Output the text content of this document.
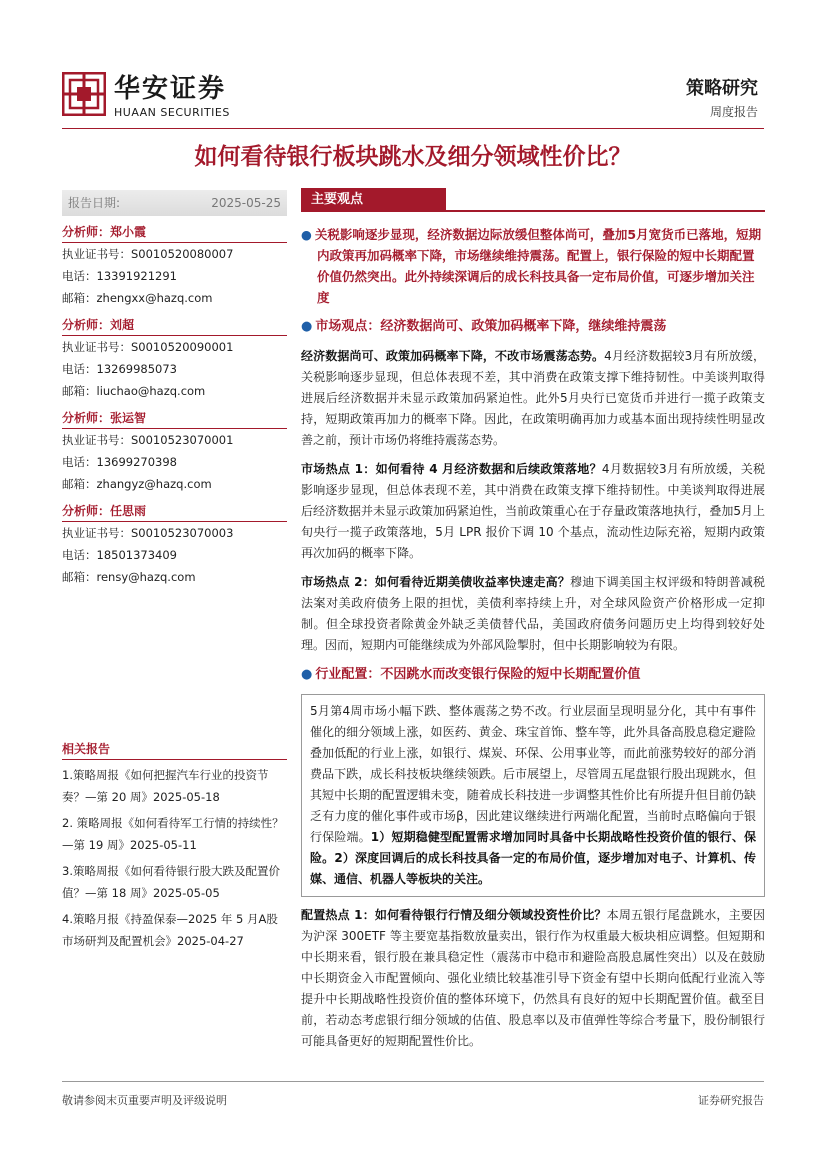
华安证券
HUAAN SECURITIES
策略研究
周度报告
如何看待银行板块跳水及细分领域性价比？
报告日期:	2025-05-25
分析师：郑小霞
执业证书号：S0010520080007
电话：13391921291
邮箱：zhengxx@hazq.com
分析师：刘超
执业证书号：S0010520090001
电话：13269985073
邮箱：liuchao@hazq.com
分析师：张运智
执业证书号：S0010523070001
电话：13699270398
邮箱：zhangyz@hazq.com
分析师：任思雨
执业证书号：S0010523070003
电话：18501373409
邮箱：rensy@hazq.com
相关报告
1.策略周报《如何把握汽车行业的投资节奏？—第 20 周》2025-05-18
2. 策略周报《如何看待军工行情的持续性？—第 19 周》2025-05-11
3.策略周报《如何看待银行股大跌及配置价值？—第 18 周》2025-05-05
4.策略月报《持盈保泰—2025 年 5 月A股市场研判及配置机会》2025-04-27
主要观点
● 关税影响逐步显现，经济数据边际放缓但整体尚可，叠加5月宽货币已落地，短期内政策再加码概率下降，市场继续维持震荡。配置上，银行保险的短中长期配置价值仍然突出。此外持续深调后的成长科技具备一定布局价值，可逐步增加关注度
● 市场观点：经济数据尚可、政策加码概率下降，继续维持震荡
经济数据尚可、政策加码概率下降，不改市场震荡态势。4月经济数据较3月有所放缓，关税影响逐步显现，但总体表现不差，其中消费在政策支撑下维持韧性。中美谈判取得进展后经济数据并未显示政策加码紧迫性。此外5月央行已宽货币并进行一揽子政策支持，短期政策再加力的概率下降。因此，在政策明确再加力或基本面出现持续性明显改善之前，预计市场仍将维持震荡态势。
市场热点 1：如何看待 4 月经济数据和后续政策落地？4月数据较3月有所放缓，关税影响逐步显现，但总体表现不差，其中消费在政策支撑下维持韧性。中美谈判取得进展后经济数据并未显示政策加码紧迫性，当前政策重心在于存量政策落地执行，叠加5月上旬央行一揽子政策落地，5月 LPR 报价下调 10 个基点，流动性边际充裕，短期内政策再次加码的概率下降。
市场热点 2：如何看待近期美债收益率快速走高？穆迪下调美国主权评级和特朗普减税法案对美政府债务上限的担忧，美债利率持续上升，对全球风险资产价格形成一定抑制。但全球投资者除黄金外缺乏美债替代品，美国政府债务问题历史上均得到较好处理。因而，短期内可能继续成为外部风险掣肘，但中长期影响较为有限。
● 行业配置：不因跳水而改变银行保险的短中长期配置价值
5月第4周市场小幅下跌、整体震荡之势不改。行业层面呈现明显分化，其中有事件催化的细分领域上涨，如医药、黄金、珠宝首饰、整车等，此外具备高股息稳定避险叠加低配的行业上涨，如银行、煤炭、环保、公用事业等，而此前涨势较好的部分消费品下跌，成长科技板块继续领跌。后市展望上，尽管周五尾盘银行股出现跳水，但其短中长期的配置逻辑未变，随着成长科技进一步调整其性价比有所提升但目前仍缺乏有力度的催化事件或市场β，因此建议继续进行两端化配置，当前时点略偏向于银行保险端。1）短期稳健型配置需求增加同时具备中长期战略性投资价值的银行、保险。2）深度回调后的成长科技具备一定的布局价值，逐步增加对电子、计算机、传媒、通信、机器人等板块的关注。
配置热点 1：如何看待银行行情及细分领域投资性价比？本周五银行尾盘跳水，主要因为沪深 300ETF 等主要宽基指数放量卖出，银行作为权重最大板块相应调整。但短期和中长期来看，银行股在兼具稳定性（震荡市中稳市和避险高股息属性突出）以及在鼓励中长期资金入市配置倾向、强化业绩比较基准引导下资金有望中长期向低配行业流入等提升中长期战略性投资价值的整体环境下，仍然具有良好的短中长期配置价值。截至目前，若动态考虑银行细分领域的估值、股息率以及市值弹性等综合考量下，股份制银行可能具备更好的短期配置性价比。
敬请参阅末页重要声明及评级说明	证券研究报告
